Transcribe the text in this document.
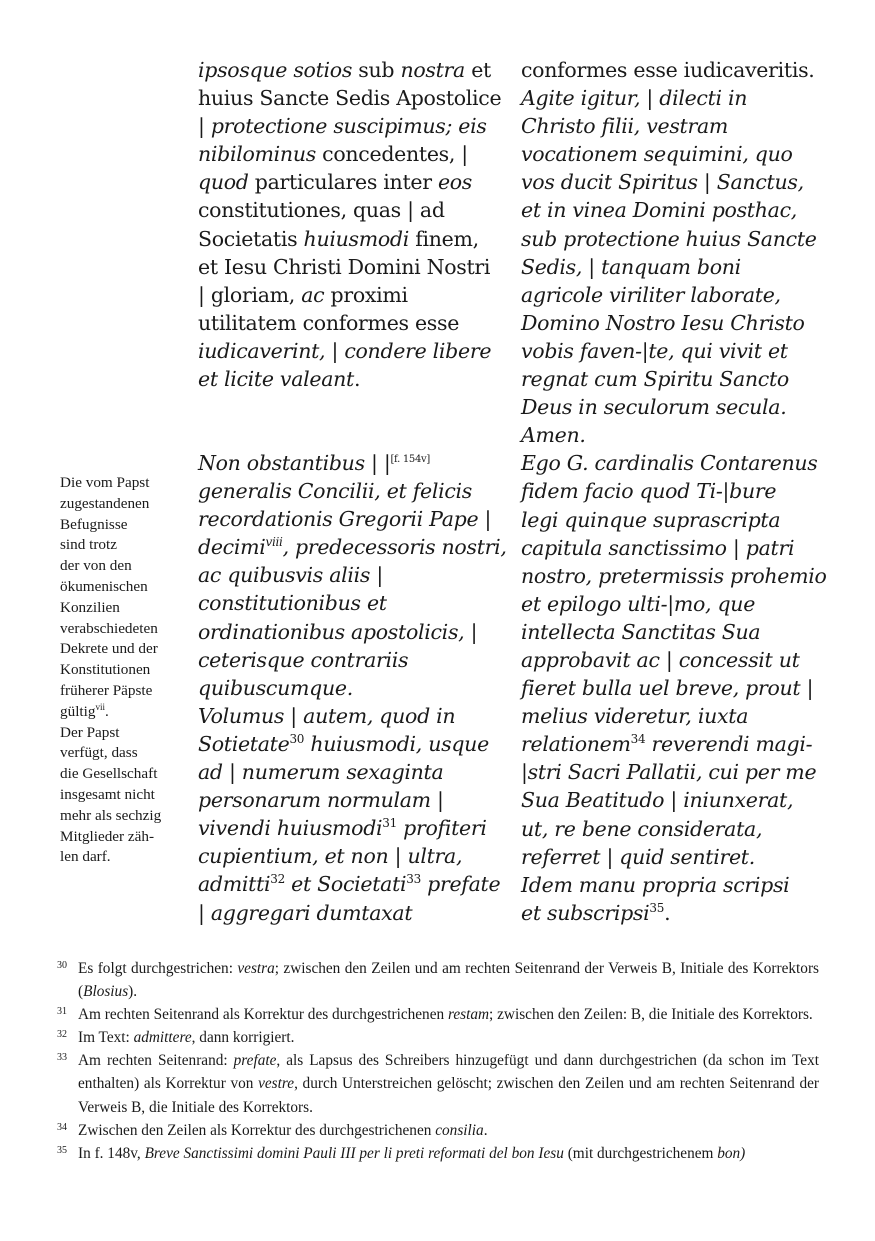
ipsosque sotios sub nostra et
huius Sancte Sedis Apostolice
| protectione suscipimus; eis
nibilominus concedentes, |
quod particulares inter eos
constitutiones, quas | ad
Societatis huiusmodi finem,
et Iesu Christi Domini Nostri
| gloriam, ac proximi
utilitatem conformes esse
iudicaverint, | condere libere
et licite valeant.
Non obstantibus | |[f. 154v]
generalis Concilii, et felicis
recordationis Gregorii Pape |
decimi$^{viii}$, predecessoris nostri,
ac quibusvis aliis |
constitutionibus et
ordinationibus apostolicis, |
ceterisque contrariis
quibuscumque.
Volumus | autem, quod in
Sotietate$^{30}$ huiusmodi, usque
ad | numerum sexaginta
personarum normulam |
vivendi huiusmodi$^{31}$ profiteri
cupientium, et non | ultra,
admitti$^{32}$ et Societati$^{33}$ prefate
| aggregari dumtaxat
conformes esse iudicaveritis.
Agite igitur, | dilecti in
Christo filii, vestram
vocationem sequimini, quo
vos ducit Spiritus | Sanctus,
et in vinea Domini posthac,
sub protectione huius Sancte
Sedis, | tanquam boni
agricole viriliter laborate,
Domino Nostro Iesu Christo
vobis faven-|te, qui vivit et
regnat cum Spiritu Sancto
Deus in seculorum secula.
Amen.
Ego G. cardinalis Contarenus
fidem facio quod Ti-|bure
legi quinque suprascripta
capitula sanctissimo | patri
nostro, pretermissis prohemio
et epilogo ulti-|mo, que
intellecta Sanctitas Sua
approbavit ac | concessit ut
fieret bulla uel breve, prout |
melius videretur, iuxta
relationem$^{34}$ reverendi magi-
|stri Sacri Pallatii, cui per me
Sua Beatitudo | iniunxerat,
ut, re bene considerata,
referret | quid sentiret.
Idem manu propria scripsi
et subscripsi$^{35}$.
Die vom Papst
zugestandenen
Befugnisse
sind trotz
der von den
ökumenischen
Konzilien
verabschiedeten
Dekrete und der
Konstitutionen
früherer Päpste
gültig$^{vii}$.
Der Papst
verfügt, dass
die Gesellschaft
insgesamt nicht
mehr als sechzig
Mitglieder zäh-
len darf.
30 Es folgt durchgestrichen: vestra; zwischen den Zeilen und am rechten Seitenrand der Verweis B, Initiale des Korrektors (Blosius).
31 Am rechten Seitenrand als Korrektur des durchgestrichenen restam; zwischen den Zeilen: B, die Initiale des Korrektors.
32 Im Text: admittere, dann korrigiert.
33 Am rechten Seitenrand: prefate, als Lapsus des Schreibers hinzugefügt und dann durchgestrichen (da schon im Text enthalten) als Korrektur von vestre, durch Unterstreichen gelöscht; zwischen den Zeilen und am rechten Seitenrand der Verweis B, die Initiale des Korrektors.
34 Zwischen den Zeilen als Korrektur des durchgestrichenen consilia.
35 In f. 148v, Breve Sanctissimi domini Pauli III per li preti reformati del bon Iesu (mit durchgestrichenem bon)
